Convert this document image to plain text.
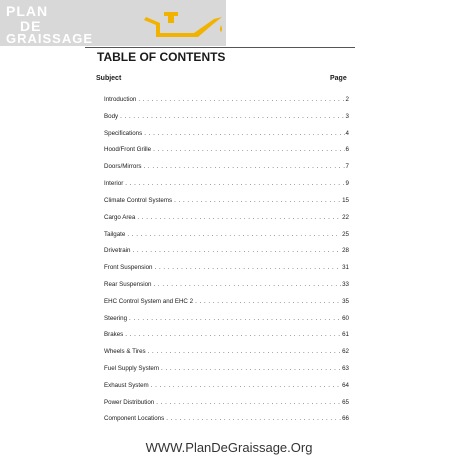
PLAN
DE
GRAISSAGE
TABLE OF CONTENTS
Subject	Page
Introduction . . .	2
Body . . .	3
Specifications . . .	4
Hood/Front Grille . . .	6
Doors/Mirrors . . .	7
Interior . . .	9
Climate Control Systems . . .	15
Cargo Area . . .	22
Tailgate . . .	25
Drivetrain . . .	28
Front Suspension . . .	31
Rear Suspension . . .	33
EHC Control System and EHC 2 . . .	35
Steering . . .	60
Brakes . . .	61
Wheels & Tires . . .	62
Fuel Supply System . . .	63
Exhaust System . . .	64
Power Distribution . . .	65
Component Locations . . .	66
WWW.PlanDeGraissage.Org
